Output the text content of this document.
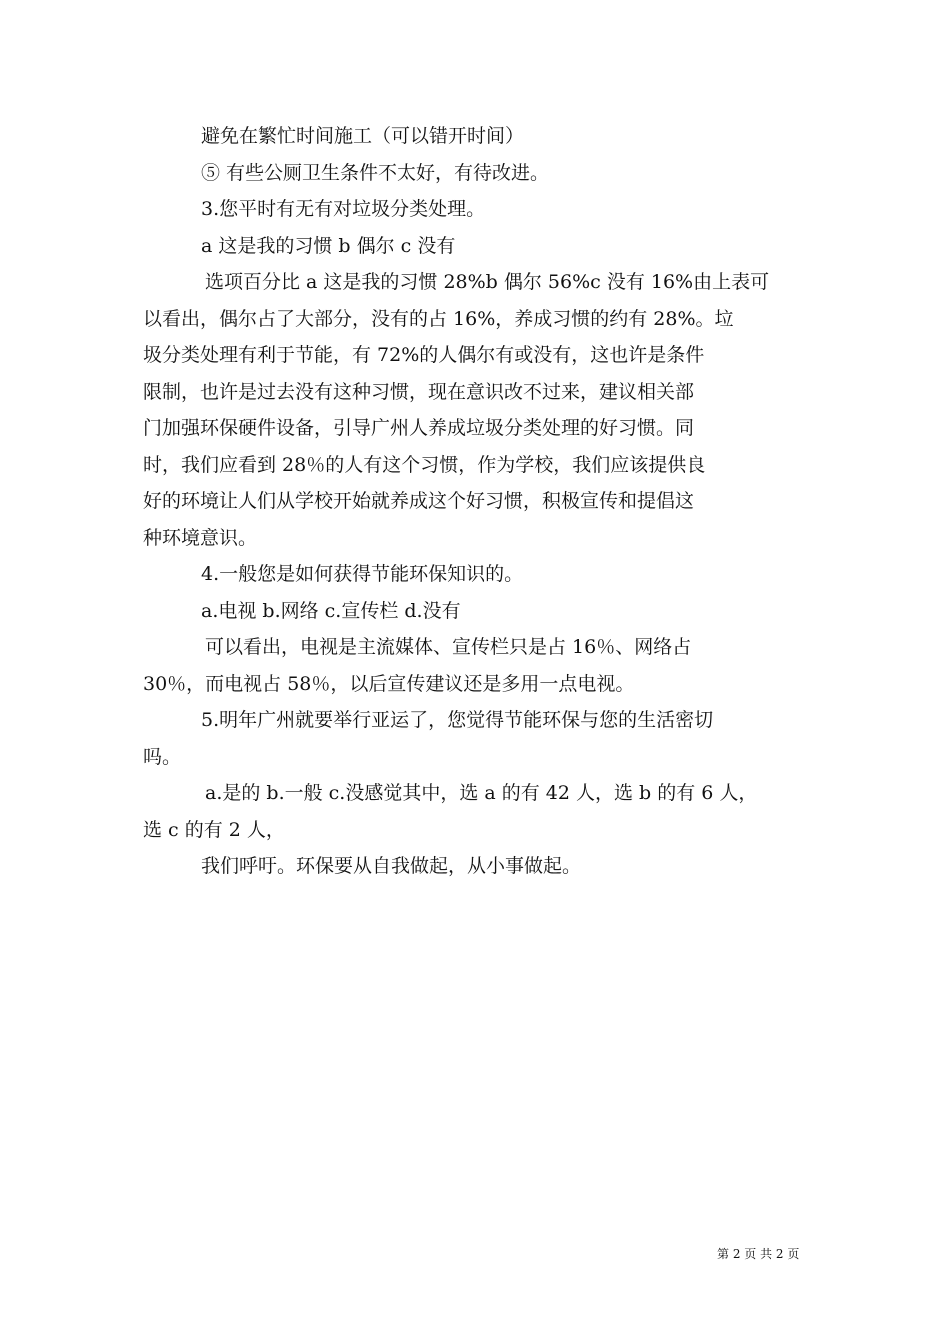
避免在繁忙时间施工（可以错开时间）
⑤ 有些公厕卫生条件不太好，有待改进。
3.您平时有无有对垃圾分类处理。
a 这是我的习惯 b 偶尔 c 没有
选项百分比 a 这是我的习惯 28%b 偶尔 56%c 没有 16%由上表可
以看出，偶尔占了大部分，没有的占 16%，养成习惯的约有 28%。垃
圾分类处理有利于节能，有 72%的人偶尔有或没有，这也许是条件
限制，也许是过去没有这种习惯，现在意识改不过来，建议相关部
门加强环保硬件设备，引导广州人养成垃圾分类处理的好习惯。同
时，我们应看到 28％的人有这个习惯，作为学校，我们应该提供良
好的环境让人们从学校开始就养成这个好习惯，积极宣传和提倡这
种环境意识。
4.一般您是如何获得节能环保知识的。
a.电视 b.网络 c.宣传栏 d.没有
可以看出，电视是主流媒体、宣传栏只是占 16％、网络占
30％，而电视占 58％，以后宣传建议还是多用一点电视。
5.明年广州就要举行亚运了，您觉得节能环保与您的生活密切
吗。
a.是的 b.一般 c.没感觉其中，选 a 的有 42 人，选 b 的有 6 人，
选 c 的有 2 人，
我们呼吁。环保要从自我做起，从小事做起。
第 2 页 共 2 页
